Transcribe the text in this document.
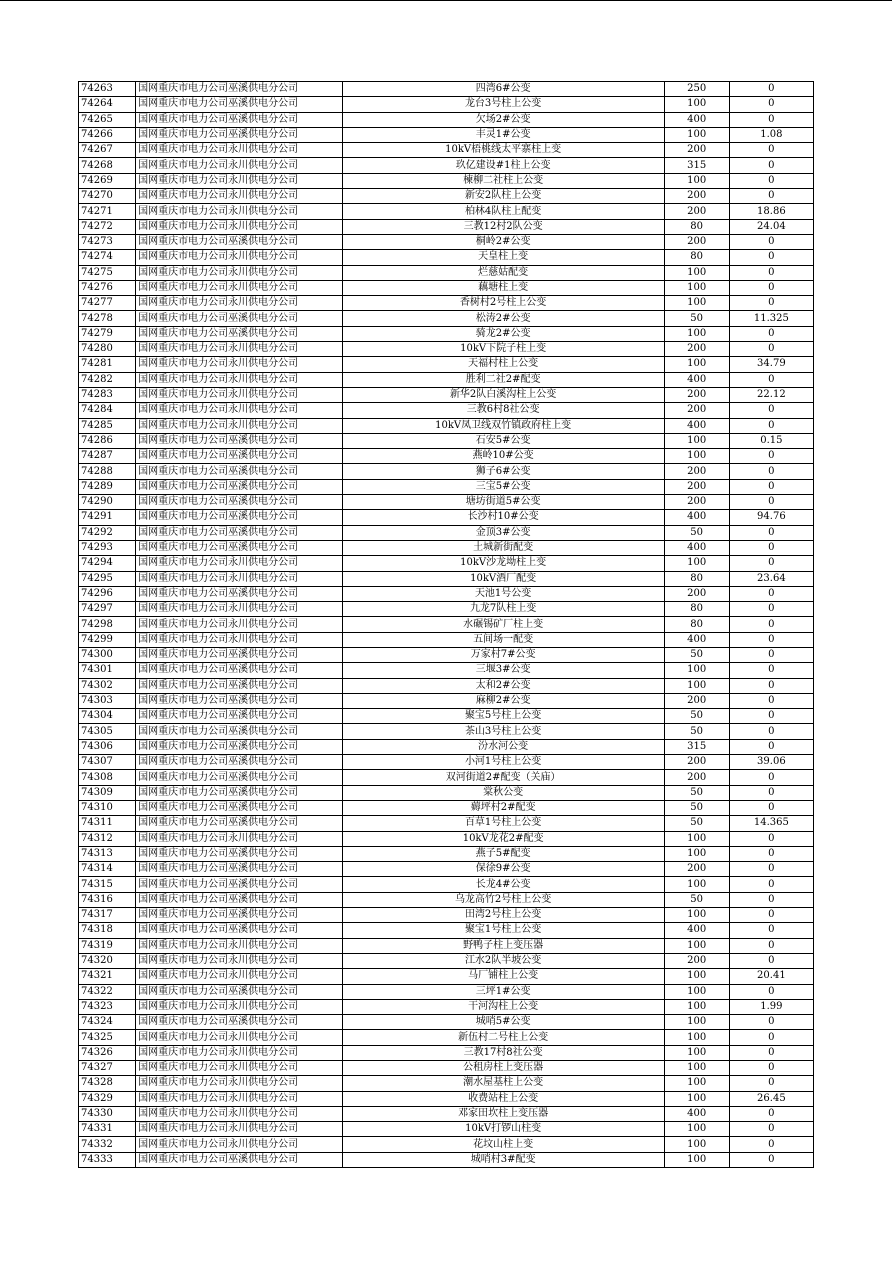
74263	国网重庆市电力公司巫溪供电分公司	四湾6#公变	250	0
74264	国网重庆市电力公司巫溪供电分公司	龙台3号柱上公变	100	0
74265	国网重庆市电力公司巫溪供电分公司	欠场2#公变	400	0
74266	国网重庆市电力公司巫溪供电分公司	丰灵1#公变	100	1.08
74267	国网重庆市电力公司永川供电分公司	10kV梧桃线太平寨柱上变	200	0
74268	国网重庆市电力公司永川供电分公司	玖亿建设#1柱上公变	315	0
74269	国网重庆市电力公司永川供电分公司	楝柳二社柱上公变	100	0
74270	国网重庆市电力公司永川供电分公司	新安2队柱上公变	200	0
74271	国网重庆市电力公司永川供电分公司	柏林4队柱上配变	200	18.86
74272	国网重庆市电力公司永川供电分公司	三教12村2队公变	80	24.04
74273	国网重庆市电力公司巫溪供电分公司	桐岭2#公变	200	0
74274	国网重庆市电力公司永川供电分公司	天皇柱上变	80	0
74275	国网重庆市电力公司永川供电分公司	烂慈姑配变	100	0
74276	国网重庆市电力公司永川供电分公司	藕塘柱上变	100	0
74277	国网重庆市电力公司永川供电分公司	香树村2号柱上公变	100	0
74278	国网重庆市电力公司巫溪供电分公司	松涛2#公变	50	11.325
74279	国网重庆市电力公司巫溪供电分公司	骑龙2#公变	100	0
74280	国网重庆市电力公司永川供电分公司	10kV下院子柱上变	200	0
74281	国网重庆市电力公司永川供电分公司	天福村柱上公变	100	34.79
74282	国网重庆市电力公司永川供电分公司	胜利二社2#配变	400	0
74283	国网重庆市电力公司永川供电分公司	新华2队白溪沟柱上公变	200	22.12
74284	国网重庆市电力公司永川供电分公司	三教6村8社公变	200	0
74285	国网重庆市电力公司永川供电分公司	10kV凤卫线双竹镇政府柱上变	400	0
74286	国网重庆市电力公司巫溪供电分公司	石安5#公变	100	0.15
74287	国网重庆市电力公司巫溪供电分公司	燕岭10#公变	100	0
74288	国网重庆市电力公司巫溪供电分公司	狮子6#公变	200	0
74289	国网重庆市电力公司巫溪供电分公司	三宝5#公变	200	0
74290	国网重庆市电力公司巫溪供电分公司	塘坊街道5#公变	200	0
74291	国网重庆市电力公司巫溪供电分公司	长沙村10#公变	400	94.76
74292	国网重庆市电力公司巫溪供电分公司	金顶3#公变	50	0
74293	国网重庆市电力公司巫溪供电分公司	土城新街配变	400	0
74294	国网重庆市电力公司永川供电分公司	10kV沙龙坳柱上变	100	0
74295	国网重庆市电力公司永川供电分公司	10kV酒厂配变	80	23.64
74296	国网重庆市电力公司巫溪供电分公司	天池1号公变	200	0
74297	国网重庆市电力公司永川供电分公司	九龙7队柱上变	80	0
74298	国网重庆市电力公司永川供电分公司	水碾锡矿厂柱上变	80	0
74299	国网重庆市电力公司永川供电分公司	五间场一配变	400	0
74300	国网重庆市电力公司巫溪供电分公司	万家村7#公变	50	0
74301	国网重庆市电力公司巫溪供电分公司	三堰3#公变	100	0
74302	国网重庆市电力公司巫溪供电分公司	太和2#公变	100	0
74303	国网重庆市电力公司巫溪供电分公司	麻柳2#公变	200	0
74304	国网重庆市电力公司巫溪供电分公司	聚宝5号柱上公变	50	0
74305	国网重庆市电力公司巫溪供电分公司	茶山3号柱上公变	50	0
74306	国网重庆市电力公司巫溪供电分公司	汾水河公变	315	0
74307	国网重庆市电力公司巫溪供电分公司	小河1号柱上公变	200	39.06
74308	国网重庆市电力公司巫溪供电分公司	双河街道2#配变（关庙）	200	0
74309	国网重庆市电力公司巫溪供电分公司	棠秋公变	50	0
74310	国网重庆市电力公司巫溪供电分公司	薅坪村2#配变	50	0
74311	国网重庆市电力公司巫溪供电分公司	百草1号柱上公变	50	14.365
74312	国网重庆市电力公司永川供电分公司	10kV龙花2#配变	100	0
74313	国网重庆市电力公司巫溪供电分公司	燕子5#配变	100	0
74314	国网重庆市电力公司巫溪供电分公司	保徐9#公变	200	0
74315	国网重庆市电力公司巫溪供电分公司	长龙4#公变	100	0
74316	国网重庆市电力公司巫溪供电分公司	乌龙高竹2号柱上公变	50	0
74317	国网重庆市电力公司巫溪供电分公司	田湾2号柱上公变	100	0
74318	国网重庆市电力公司巫溪供电分公司	聚宝1号柱上公变	400	0
74319	国网重庆市电力公司永川供电分公司	野鸭子柱上变压器	100	0
74320	国网重庆市电力公司永川供电分公司	江水2队半坡公变	200	0
74321	国网重庆市电力公司永川供电分公司	马厂铺柱上公变	100	20.41
74322	国网重庆市电力公司巫溪供电分公司	三坪1#公变	100	0
74323	国网重庆市电力公司永川供电分公司	干河沟柱上公变	100	1.99
74324	国网重庆市电力公司巫溪供电分公司	城哨5#公变	100	0
74325	国网重庆市电力公司永川供电分公司	新伍村二号柱上公变	100	0
74326	国网重庆市电力公司永川供电分公司	三教17村8社公变	100	0
74327	国网重庆市电力公司永川供电分公司	公租房柱上变压器	100	0
74328	国网重庆市电力公司永川供电分公司	潮水屋基柱上公变	100	0
74329	国网重庆市电力公司永川供电分公司	收费站柱上公变	100	26.45
74330	国网重庆市电力公司永川供电分公司	邓家田坎柱上变压器	400	0
74331	国网重庆市电力公司永川供电分公司	10kV打锣山柱变	100	0
74332	国网重庆市电力公司永川供电分公司	花坟山柱上变	100	0
74333	国网重庆市电力公司巫溪供电分公司	城哨村3#配变	100	0
